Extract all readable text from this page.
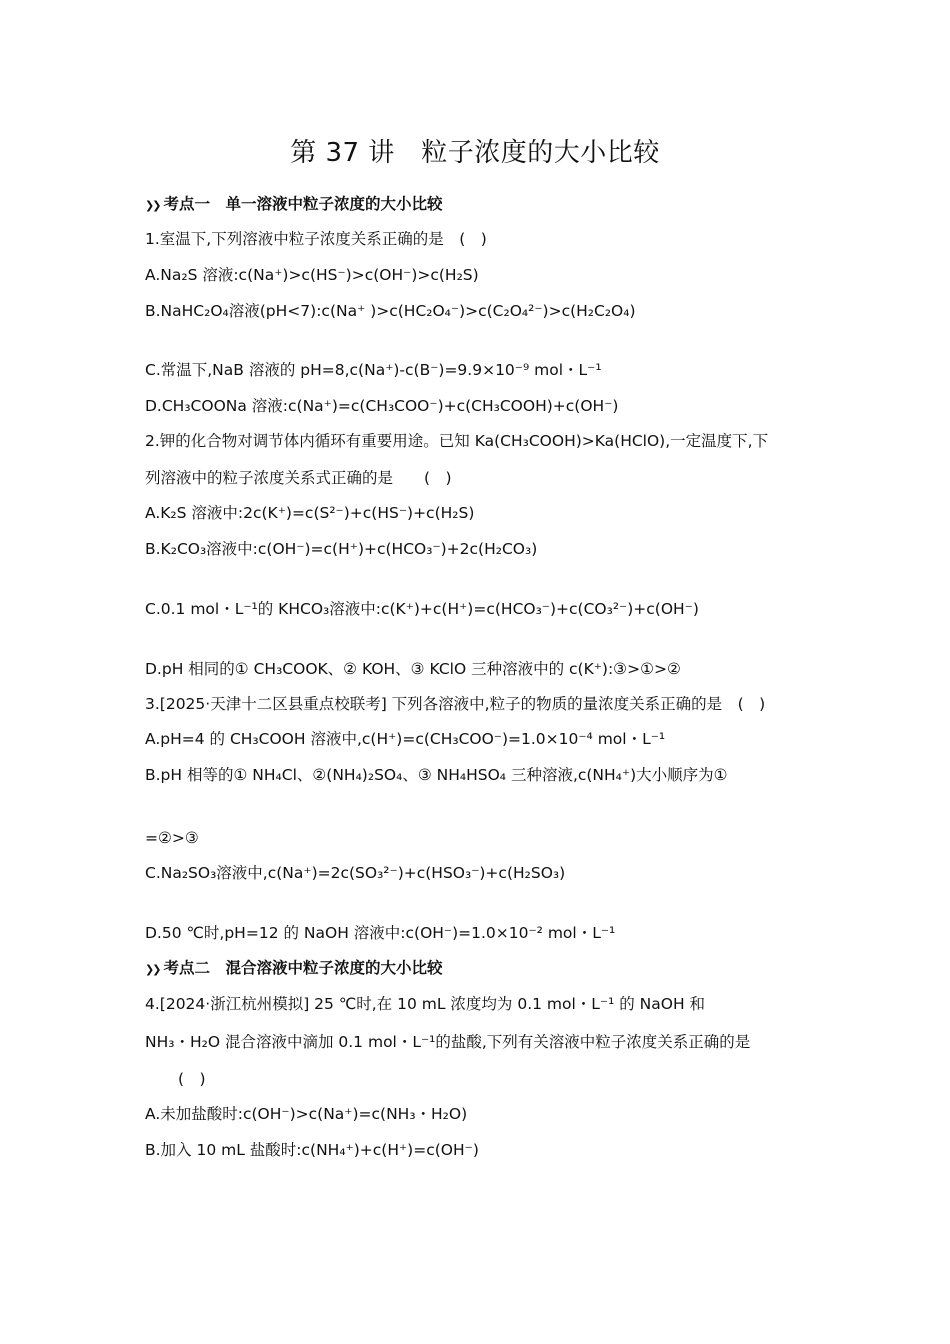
第 37 讲　粒子浓度的大小比较
❯❯ 考点一　单一溶液中粒子浓度的大小比较
1.室温下,下列溶液中粒子浓度关系正确的是　(　)
A.Na₂S 溶液:c(Na⁺)>c(HS⁻)>c(OH⁻)>c(H₂S)
B.NaHC₂O₄溶液(pH<7):c(Na⁺ )>c(HC₂O₄⁻)>c(C₂O₄²⁻)>c(H₂C₂O₄)
C.常温下,NaB 溶液的 pH=8,c(Na⁺)-c(B⁻)=9.9×10⁻⁹ mol・L⁻¹
D.CH₃COONa 溶液:c(Na⁺)=c(CH₃COO⁻)+c(CH₃COOH)+c(OH⁻)
2.钾的化合物对调节体内循环有重要用途。已知 Ka(CH₃COOH)>Ka(HClO),一定温度下,下
列溶液中的粒子浓度关系式正确的是　　(　)
A.K₂S 溶液中:2c(K⁺)=c(S²⁻)+c(HS⁻)+c(H₂S)
B.K₂CO₃溶液中:c(OH⁻)=c(H⁺)+c(HCO₃⁻)+2c(H₂CO₃)
C.0.1 mol・L⁻¹的 KHCO₃溶液中:c(K⁺)+c(H⁺)=c(HCO₃⁻)+c(CO₃²⁻)+c(OH⁻)
D.pH 相同的① CH₃COOK、② KOH、③ KClO 三种溶液中的 c(K⁺):③>①>②
3.[2025·天津十二区县重点校联考] 下列各溶液中,粒子的物质的量浓度关系正确的是　(　)
A.pH=4 的 CH₃COOH 溶液中,c(H⁺)=c(CH₃COO⁻)=1.0×10⁻⁴ mol・L⁻¹
B.pH 相等的① NH₄Cl、②(NH₄)₂SO₄、③ NH₄HSO₄ 三种溶液,c(NH₄⁺)大小顺序为①
=②>③
C.Na₂SO₃溶液中,c(Na⁺)=2c(SO₃²⁻)+c(HSO₃⁻)+c(H₂SO₃)
D.50 ℃时,pH=12 的 NaOH 溶液中:c(OH⁻)=1.0×10⁻² mol・L⁻¹
❯❯ 考点二　混合溶液中粒子浓度的大小比较
4.[2024·浙江杭州模拟] 25 ℃时,在 10 mL 浓度均为 0.1 mol・L⁻¹ 的 NaOH 和
NH₃・H₂O 混合溶液中滴加 0.1 mol・L⁻¹的盐酸,下列有关溶液中粒子浓度关系正确的是
(　)
A.未加盐酸时:c(OH⁻)>c(Na⁺)=c(NH₃・H₂O)
B.加入 10 mL 盐酸时:c(NH₄⁺)+c(H⁺)=c(OH⁻)
